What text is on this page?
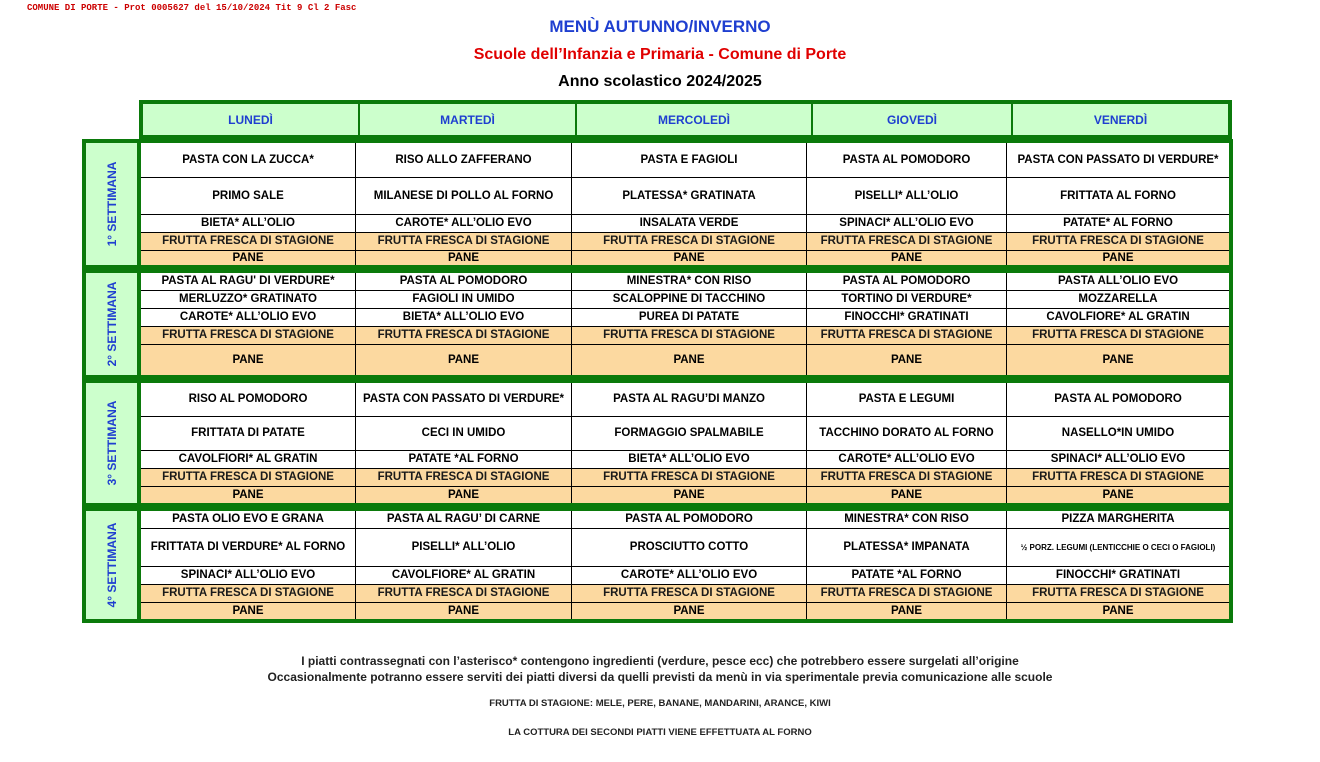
COMUNE DI PORTE - Prot 0005627 del 15/10/2024 Tit 9 Cl 2 Fasc
MENÙ AUTUNNO/INVERNO
Scuole dell’Infanzia e Primaria - Comune di Porte
Anno scolastico 2024/2025
LUNEDÌ	MARTEDÌ	MERCOLEDÌ	GIOVEDÌ	VENERDÌ
1° SETTIMANA
PASTA CON LA ZUCCA*	RISO ALLO ZAFFERANO	PASTA E FAGIOLI	PASTA AL POMODORO	PASTA CON PASSATO DI VERDURE*
PRIMO SALE	MILANESE DI POLLO AL FORNO	PLATESSA* GRATINATA	PISELLI* ALL’OLIO	FRITTATA AL FORNO
BIETA* ALL’OLIO	CAROTE* ALL’OLIO EVO	INSALATA VERDE	SPINACI* ALL’OLIO EVO	PATATE* AL FORNO
FRUTTA FRESCA DI STAGIONE	FRUTTA FRESCA DI STAGIONE	FRUTTA FRESCA DI STAGIONE	FRUTTA FRESCA DI STAGIONE	FRUTTA FRESCA DI STAGIONE
PANE	PANE	PANE	PANE	PANE
2° SETTIMANA
PASTA AL RAGU' DI VERDURE*	PASTA AL POMODORO	MINESTRA* CON RISO	PASTA AL POMODORO	PASTA ALL’OLIO EVO
MERLUZZO* GRATINATO	FAGIOLI IN UMIDO	SCALOPPINE DI TACCHINO	TORTINO DI VERDURE*	MOZZARELLA
CAROTE* ALL’OLIO EVO	BIETA* ALL’OLIO EVO	PUREA DI PATATE	FINOCCHI* GRATINATI	CAVOLFIORE* AL GRATIN
FRUTTA FRESCA DI STAGIONE	FRUTTA FRESCA DI STAGIONE	FRUTTA FRESCA DI STAGIONE	FRUTTA FRESCA DI STAGIONE	FRUTTA FRESCA DI STAGIONE
PANE	PANE	PANE	PANE	PANE
3° SETTIMANA
RISO AL POMODORO	PASTA CON PASSATO DI VERDURE*	PASTA AL RAGU’DI MANZO	PASTA E LEGUMI	PASTA AL POMODORO
FRITTATA DI PATATE	CECI IN UMIDO	FORMAGGIO SPALMABILE	TACCHINO DORATO AL FORNO	NASELLO*IN UMIDO
CAVOLFIORI* AL GRATIN	PATATE *AL FORNO	BIETA* ALL’OLIO EVO	CAROTE* ALL’OLIO EVO	SPINACI* ALL’OLIO EVO
FRUTTA FRESCA DI STAGIONE	FRUTTA FRESCA DI STAGIONE	FRUTTA FRESCA DI STAGIONE	FRUTTA FRESCA DI STAGIONE	FRUTTA FRESCA DI STAGIONE
PANE	PANE	PANE	PANE	PANE
4° SETTIMANA
PASTA OLIO EVO E GRANA	PASTA AL RAGU’ DI CARNE	PASTA AL POMODORO	MINESTRA* CON RISO	PIZZA MARGHERITA
FRITTATA DI VERDURE* AL FORNO	PISELLI* ALL’OLIO	PROSCIUTTO COTTO	PLATESSA* IMPANATA	½ PORZ. LEGUMI (LENTICCHIE O CECI O FAGIOLI)
SPINACI* ALL’OLIO EVO	CAVOLFIORE* AL GRATIN	CAROTE* ALL’OLIO EVO	PATATE *AL FORNO	FINOCCHI* GRATINATI
FRUTTA FRESCA DI STAGIONE	FRUTTA FRESCA DI STAGIONE	FRUTTA FRESCA DI STAGIONE	FRUTTA FRESCA DI STAGIONE	FRUTTA FRESCA DI STAGIONE
PANE	PANE	PANE	PANE	PANE
I piatti contrassegnati con l’asterisco* contengono ingredienti (verdure, pesce ecc) che potrebbero essere surgelati all’origine
Occasionalmente potranno essere serviti dei piatti diversi da quelli previsti da menù in via sperimentale previa comunicazione alle scuole
FRUTTA DI STAGIONE: MELE, PERE, BANANE, MANDARINI, ARANCE, KIWI
LA COTTURA DEI SECONDI PIATTI VIENE EFFETTUATA AL FORNO
